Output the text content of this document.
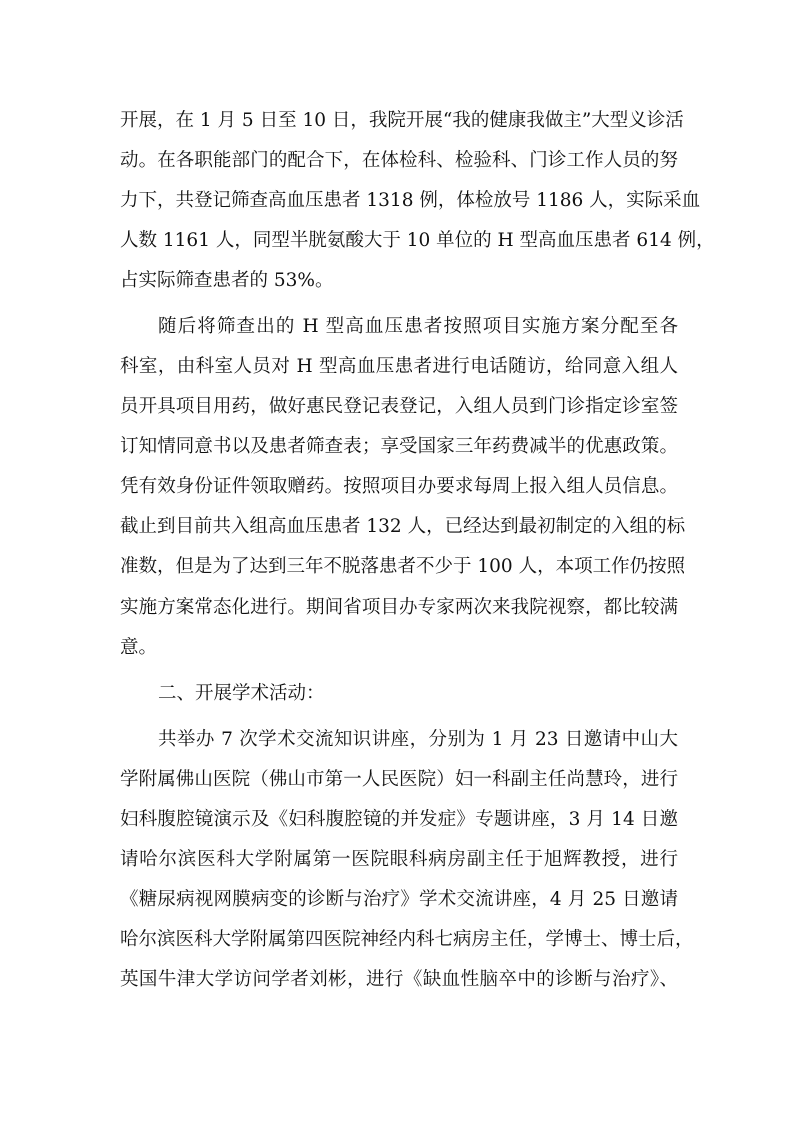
开展，在 1 月 5 日至 10 日，我院开展“我的健康我做主”大型义诊活
动。在各职能部门的配合下，在体检科、检验科、门诊工作人员的努
力下，共登记筛查高血压患者 1318 例，体检放号 1186 人，实际采血
人数 1161 人，同型半胱氨酸大于 10 单位的 H 型高血压患者 614 例，
占实际筛查患者的 53%。
随后将筛查出的 H 型高血压患者按照项目实施方案分配至各
科室，由科室人员对 H 型高血压患者进行电话随访，给同意入组人
员开具项目用药，做好惠民登记表登记，入组人员到门诊指定诊室签
订知情同意书以及患者筛查表；享受国家三年药费减半的优惠政策。
凭有效身份证件领取赠药。按照项目办要求每周上报入组人员信息。
截止到目前共入组高血压患者 132 人，已经达到最初制定的入组的标
准数，但是为了达到三年不脱落患者不少于 100 人，本项工作仍按照
实施方案常态化进行。期间省项目办专家两次来我院视察，都比较满
意。
二、开展学术活动：
共举办 7 次学术交流知识讲座，分别为 1 月 23 日邀请中山大
学附属佛山医院（佛山市第一人民医院）妇一科副主任尚慧玲，进行
妇科腹腔镜演示及《妇科腹腔镜的并发症》专题讲座，3 月 14 日邀
请哈尔滨医科大学附属第一医院眼科病房副主任于旭辉教授，进行
《糖尿病视网膜病变的诊断与治疗》学术交流讲座，4 月 25 日邀请
哈尔滨医科大学附属第四医院神经内科七病房主任，学博士、博士后，
英国牛津大学访问学者刘彬，进行《缺血性脑卒中的诊断与治疗》、
